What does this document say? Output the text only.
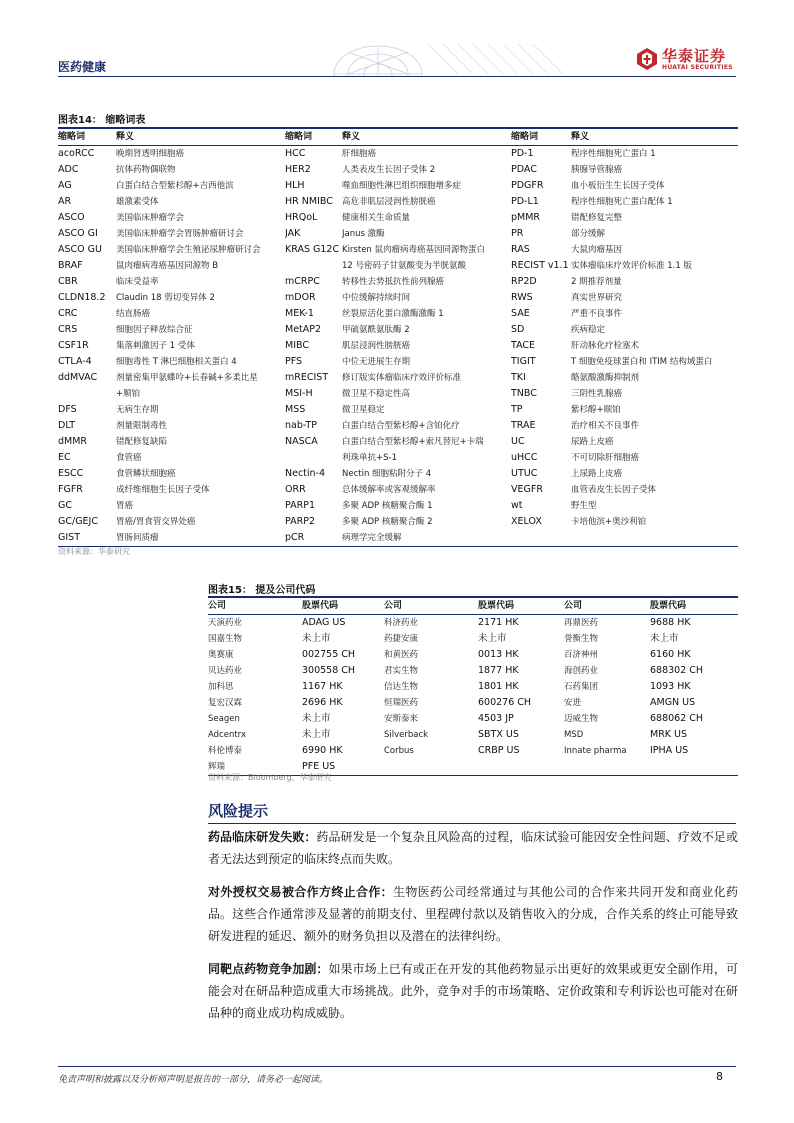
医药健康
华泰证券
HUATAI SECURITIES
图表14： 缩略词表
缩略词	释义	缩略词	释义	缩略词	释义
acoRCC	晚期肾透明细胞癌	HCC	肝细胞癌	PD-1	程序性细胞死亡蛋白 1
ADC	抗体药物偶联物	HER2	人类表皮生长因子受体 2	PDAC	胰腺导管腺癌
AG	白蛋白结合型紫杉醇+吉西他滨	HLH	噬血细胞性淋巴组织细胞增多症	PDGFR	血小板衍生生长因子受体
AR	雄激素受体	HR NMIBC	高危非肌层浸润性膀胱癌	PD-L1	程序性细胞死亡蛋白配体 1
ASCO	美国临床肿瘤学会	HRQoL	健康相关生命质量	pMMR	错配修复完整
ASCO GI	美国临床肿瘤学会胃肠肿瘤研讨会	JAK	Janus 激酶	PR	部分缓解
ASCO GU	美国临床肿瘤学会生殖泌尿肿瘤研讨会	KRAS G12C	Kirsten 鼠肉瘤病毒癌基因同源物蛋白	RAS	大鼠肉瘤基因
BRAF	鼠肉瘤病毒癌基因同源物 B		12 号密码子甘氨酸变为半胱氨酸	RECIST v1.1	实体瘤临床疗效评价标准 1.1 版
CBR	临床受益率	mCRPC	转移性去势抵抗性前列腺癌	RP2D	2 期推荐剂量
CLDN18.2	Claudin 18 剪切变异体 2	mDOR	中位缓解持续时间	RWS	真实世界研究
CRC	结直肠癌	MEK-1	丝裂原活化蛋白激酶激酶 1	SAE	严重不良事件
CRS	细胞因子释放综合征	MetAP2	甲硫氨酰氨肽酶 2	SD	疾病稳定
CSF1R	集落刺激因子 1 受体	MIBC	肌层浸润性膀胱癌	TACE	肝动脉化疗栓塞术
CTLA-4	细胞毒性 T 淋巴细胞相关蛋白 4	PFS	中位无进展生存期	TIGIT	T 细胞免疫球蛋白和 ITIM 结构域蛋白
ddMVAC	剂量密集甲氨蝶呤+长春碱+多柔比星	mRECIST	修订版实体瘤临床疗效评价标准	TKI	酪氨酸激酶抑制剂
	+顺铂	MSI-H	微卫星不稳定性高	TNBC	三阴性乳腺癌
DFS	无病生存期	MSS	微卫星稳定	TP	紫杉醇+顺铂
DLT	剂量限制毒性	nab-TP	白蛋白结合型紫杉醇+含铂化疗	TRAE	治疗相关不良事件
dMMR	错配修复缺陷	NASCA	白蛋白结合型紫杉醇+索凡替尼+卡瑞	UC	尿路上皮癌
EC	食管癌		利珠单抗+S-1	uHCC	不可切除肝细胞癌
ESCC	食管鳞状细胞癌	Nectin-4	Nectin 细胞粘附分子 4	UTUC	上尿路上皮癌
FGFR	成纤维细胞生长因子受体	ORR	总体缓解率或客观缓解率	VEGFR	血管表皮生长因子受体
GC	胃癌	PARP1	多聚 ADP 核糖聚合酶 1	wt	野生型
GC/GEJC	胃癌/胃食管交界处癌	PARP2	多聚 ADP 核糖聚合酶 2	XELOX	卡培他滨+奥沙利铂
GIST	胃肠间质瘤	pCR	病理学完全缓解		
资料来源：华泰研究
图表15： 提及公司代码
公司	股票代码	公司	股票代码	公司	股票代码
天演药业	ADAG US	科济药业	2171 HK	再鼎医药	9688 HK
国嘉生物	未上市	药捷安康	未上市	誉衡生物	未上市
奥赛康	002755 CH	和黄医药	0013 HK	百济神州	6160 HK
贝达药业	300558 CH	君实生物	1877 HK	海创药业	688302 CH
加科思	1167 HK	信达生物	1801 HK	石药集团	1093 HK
复宏汉霖	2696 HK	恒瑞医药	600276 CH	安进	AMGN US
Seagen	未上市	安斯泰来	4503 JP	迈威生物	688062 CH
Adcentrx	未上市	Silverback	SBTX US	MSD	MRK US
科伦博泰	6990 HK	Corbus	CRBP US	Innate pharma	IPHA US
辉瑞	PFE US				
资料来源：Bloomberg，华泰研究
风险提示

药品临床研发失败：药品研发是一个复杂且风险高的过程，临床试验可能因安全性问题、疗效不足或者无法达到预定的临床终点而失败。

对外授权交易被合作方终止合作：生物医药公司经常通过与其他公司的合作来共同开发和商业化药品。这些合作通常涉及显著的前期支付、里程碑付款以及销售收入的分成，合作关系的终止可能导致研发进程的延迟、额外的财务负担以及潜在的法律纠纷。

同靶点药物竞争加剧：如果市场上已有或正在开发的其他药物显示出更好的效果或更安全副作用，可能会对在研品种造成重大市场挑战。此外，竞争对手的市场策略、定价政策和专利诉讼也可能对在研品种的商业成功构成威胁。

免责声明和披露以及分析师声明是报告的一部分，请务必一起阅读。	8
